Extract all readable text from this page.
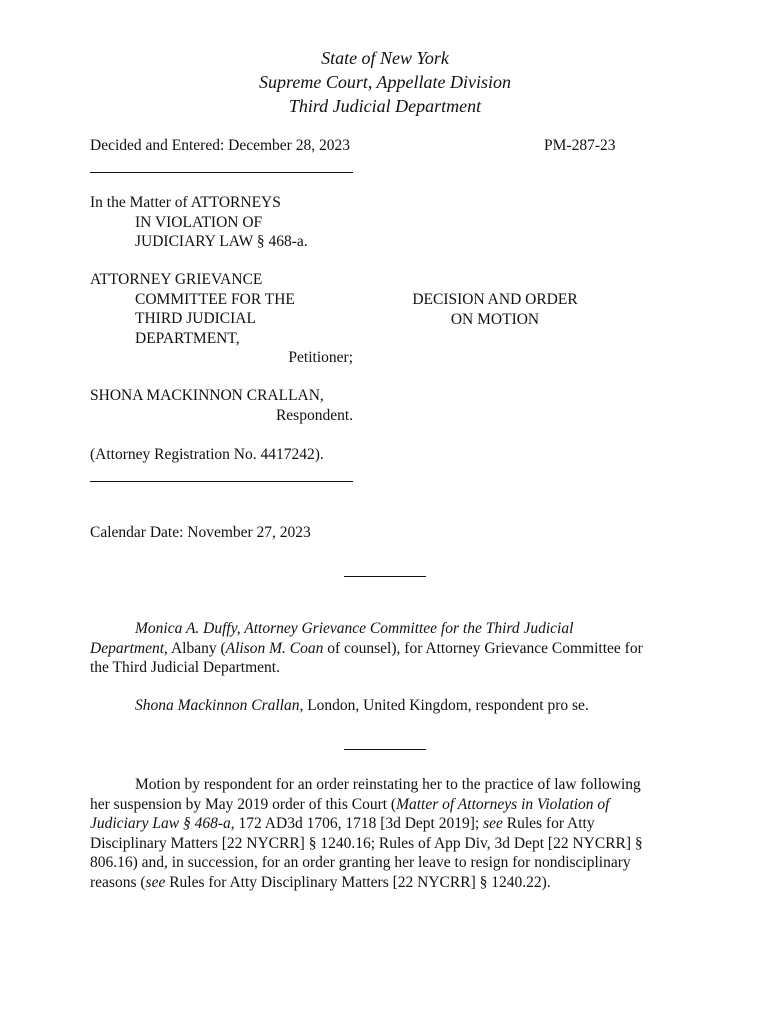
State of New York
Supreme Court, Appellate Division
Third Judicial Department
Decided and Entered: December 28, 2023	PM-287-23
In the Matter of ATTORNEYS
IN VIOLATION OF
JUDICIARY LAW § 468-a.
ATTORNEY GRIEVANCE
COMMITTEE FOR THE
THIRD JUDICIAL
DEPARTMENT,
Petitioner;
DECISION AND ORDER
ON MOTION
SHONA MACKINNON CRALLAN,
Respondent.
(Attorney Registration No. 4417242).
Calendar Date: November 27, 2023
Monica A. Duffy, Attorney Grievance Committee for the Third Judicial
Department, Albany (Alison M. Coan of counsel), for Attorney Grievance Committee for
the Third Judicial Department.
Shona Mackinnon Crallan, London, United Kingdom, respondent pro se.
Motion by respondent for an order reinstating her to the practice of law following
her suspension by May 2019 order of this Court (Matter of Attorneys in Violation of
Judiciary Law § 468-a, 172 AD3d 1706, 1718 [3d Dept 2019]; see Rules for Atty
Disciplinary Matters [22 NYCRR] § 1240.16; Rules of App Div, 3d Dept [22 NYCRR] §
806.16) and, in succession, for an order granting her leave to resign for nondisciplinary
reasons (see Rules for Atty Disciplinary Matters [22 NYCRR] § 1240.22).
